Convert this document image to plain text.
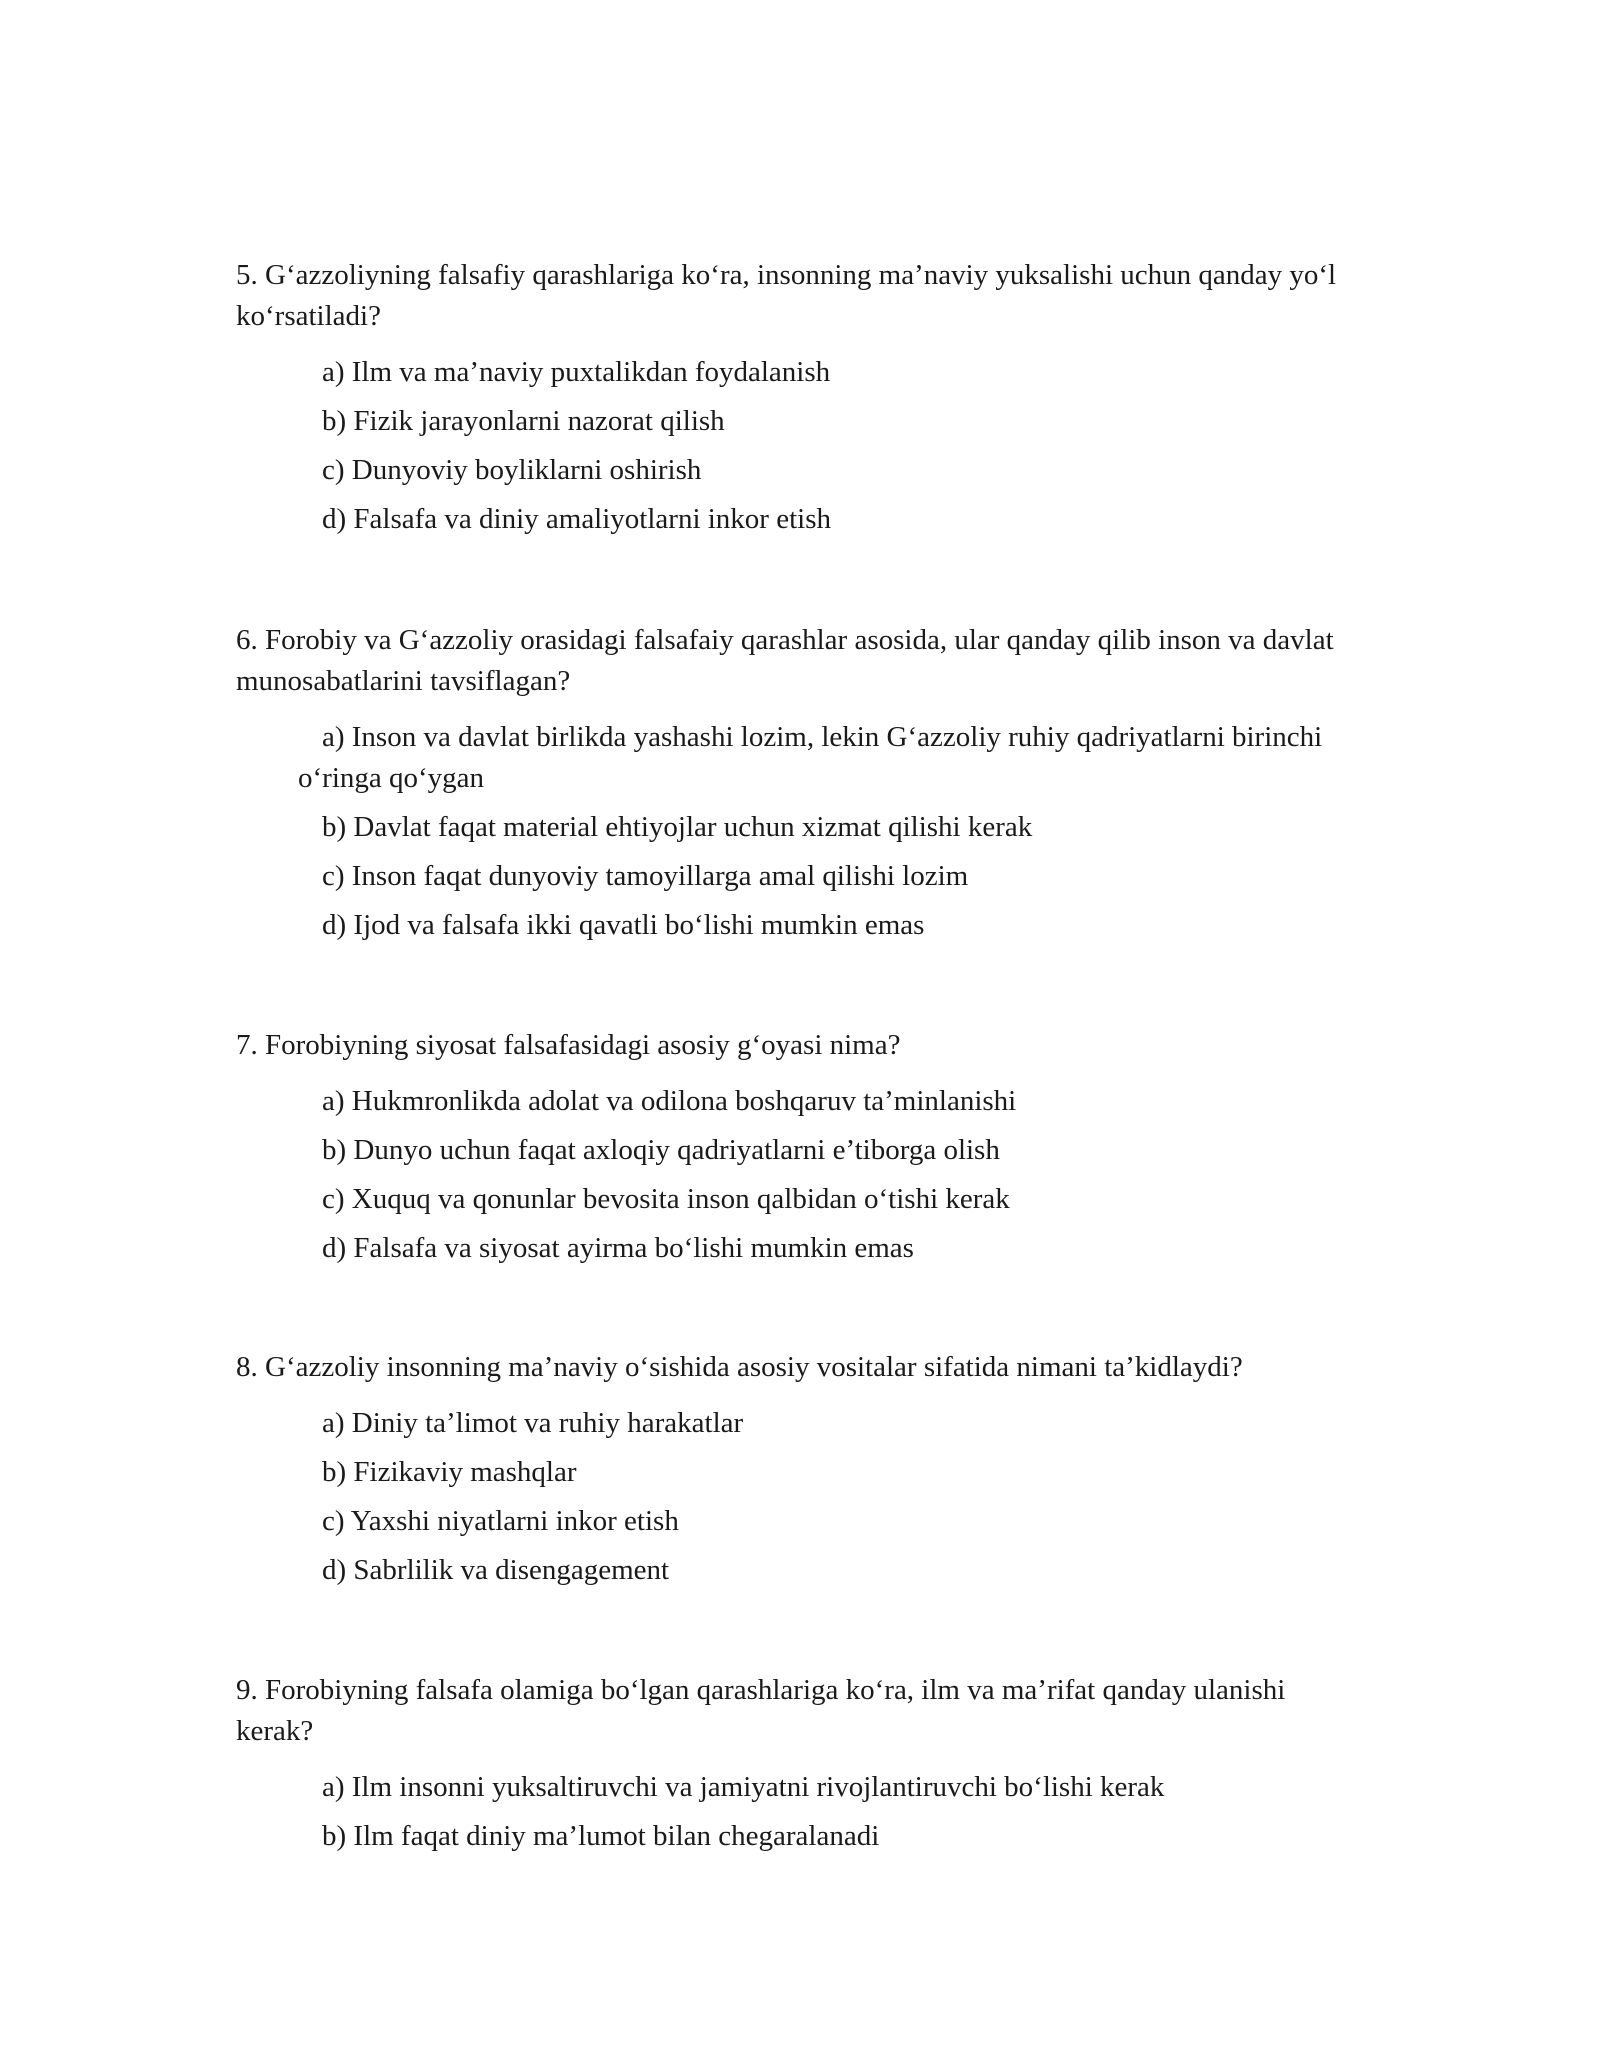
5. G‘azzoliyning falsafiy qarashlariga ko‘ra, insonning ma’naviy yuksalishi uchun qanday yo‘l ko‘rsatiladi?

a) Ilm va ma’naviy puxtalikdan foydalanish

b) Fizik jarayonlarni nazorat qilish

c) Dunyoviy boyliklarni oshirish

d) Falsafa va diniy amaliyotlarni inkor etish

6. Forobiy va G‘azzoliy orasidagi falsafaiy qarashlar asosida, ular qanday qilib inson va davlat munosabatlarini tavsiflagan?

a) Inson va davlat birlikda yashashi lozim, lekin G‘azzoliy ruhiy qadriyatlarni birinchi o‘ringa qo‘ygan

b) Davlat faqat material ehtiyojlar uchun xizmat qilishi kerak

c) Inson faqat dunyoviy tamoyillarga amal qilishi lozim

d) Ijod va falsafa ikki qavatli bo‘lishi mumkin emas

7. Forobiyning siyosat falsafasidagi asosiy g‘oyasi nima?

a) Hukmronlikda adolat va odilona boshqaruv ta’minlanishi

b) Dunyo uchun faqat axloqiy qadriyatlarni e’tiborga olish

c) Xuquq va qonunlar bevosita inson qalbidan o‘tishi kerak

d) Falsafa va siyosat ayirma bo‘lishi mumkin emas

8. G‘azzoliy insonning ma’naviy o‘sishida asosiy vositalar sifatida nimani ta’kidlaydi?

a) Diniy ta’limot va ruhiy harakatlar

b) Fizikaviy mashqlar

c) Yaxshi niyatlarni inkor etish

d) Sabrlilik va disengagement

9. Forobiyning falsafa olamiga bo‘lgan qarashlariga ko‘ra, ilm va ma’rifat qanday ulanishi kerak?

a) Ilm insonni yuksaltiruvchi va jamiyatni rivojlantiruvchi bo‘lishi kerak

b) Ilm faqat diniy ma’lumot bilan chegaralanadi
